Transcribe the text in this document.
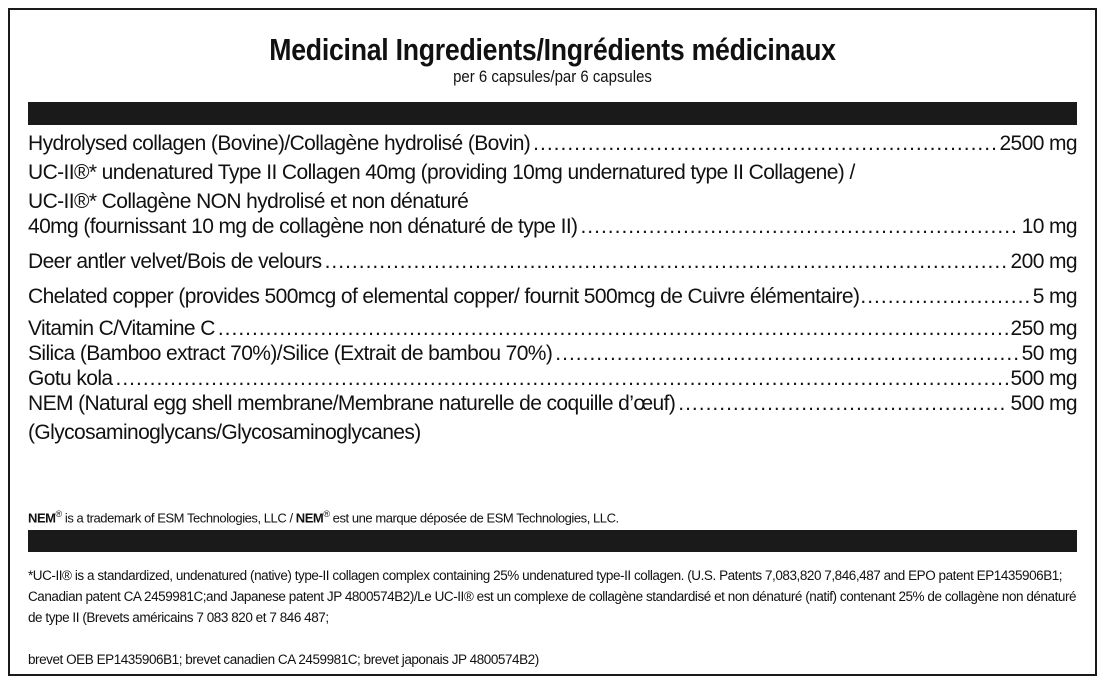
Medicinal Ingredients/Ingrédients médicinaux
per 6 capsules/par 6 capsules
Hydrolysed collagen (Bovine)/Collagène hydrolisé (Bovin) .....	2500 mg
UC-II®* undenatured Type II Collagen 40mg (providing 10mg undernatured type II Collagene) /
UC-II®* Collagène NON hydrolisé et non dénaturé
40mg (fournissant 10 mg de collagène non dénaturé de type II) .....	10 mg
Deer antler velvet/Bois de velours .....	200 mg
Chelated copper (provides 500mcg of elemental copper/ fournit 500mcg de Cuivre élémentaire) .....	5 mg
Vitamin C/Vitamine C .....	250 mg
Silica (Bamboo extract 70%)/Silice (Extrait de bambou 70%) .....	50 mg
Gotu kola .....	500 mg
NEM (Natural egg shell membrane/Membrane naturelle de coquille d’œuf) .....	500 mg
(Glycosaminoglycans/Glycosaminoglycanes)
NEM® is a trademark of ESM Technologies, LLC / NEM® est une marque déposée de ESM Technologies, LLC.
*UC-II® is a standardized, undenatured (native) type-II collagen complex containing 25% undenatured type-II collagen. (U.S. Patents 7,083,820 7,846,487 and EPO patent EP1435906B1; Canadian patent CA 2459981C;and Japanese patent JP 4800574B2)/Le UC-II® est un complexe de collagène standardisé et non dénaturé (natif) contenant 25% de collagène non dénaturé de type II (Brevets américains 7 083 820 et 7 846 487;
brevet OEB EP1435906B1; brevet canadien CA 2459981C; brevet japonais JP 4800574B2)
